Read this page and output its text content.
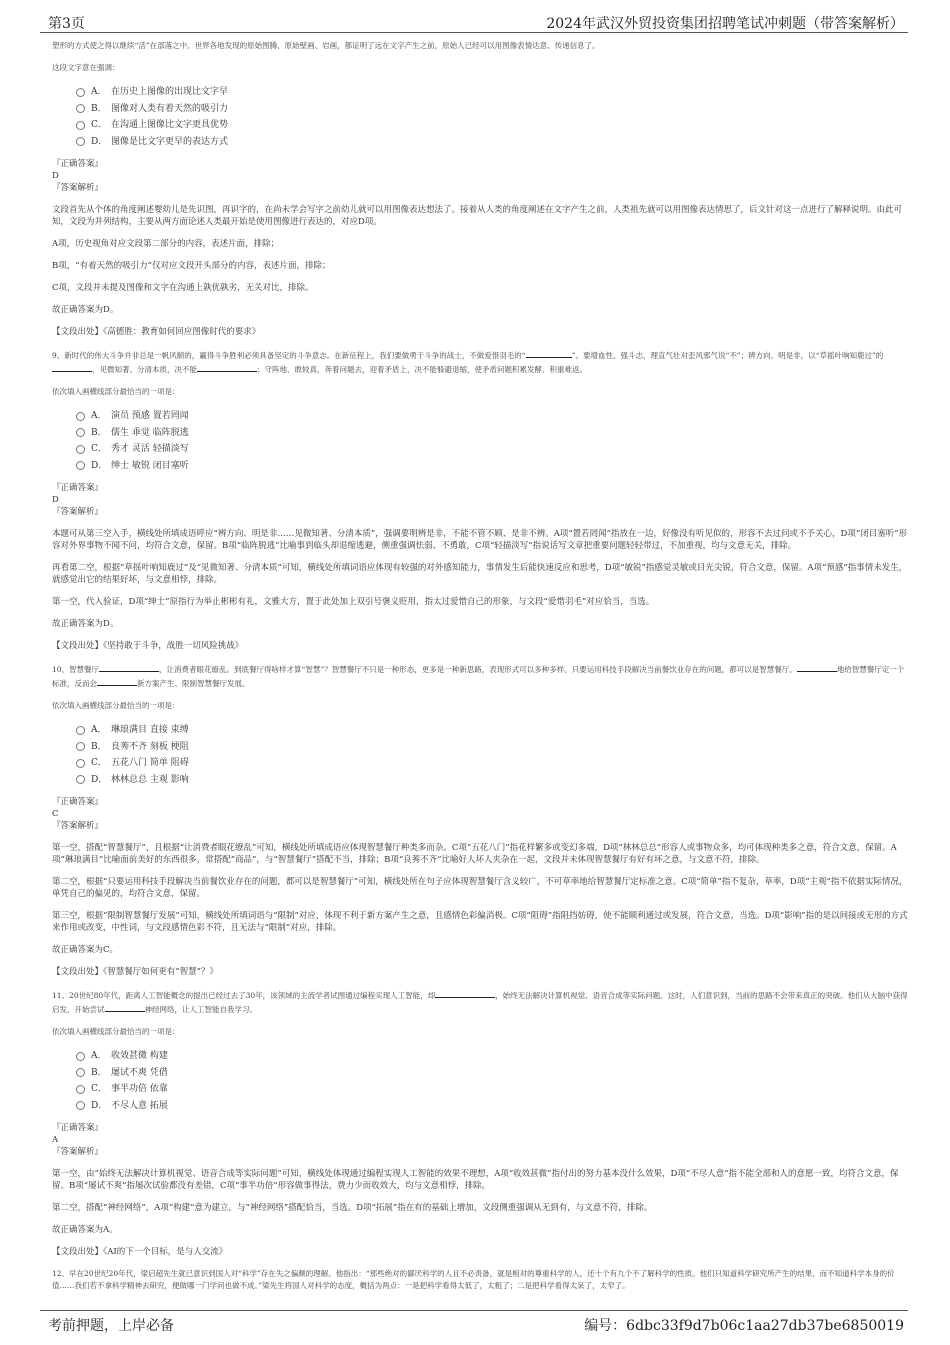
第3页	2024年武汉外贸投资集团招聘笔试冲刺题（带答案解析）

塑形的方式使之得以继续“活”在部落之中。世界各地发现的原始图腾、原始壁画、岩画，都证明了远在文字产生之前，原始人已经可以用图像表情达意、传递信息了。

这段文字意在强调：

A． 在历史上图像的出现比文字早
B． 图像对人类有着天然的吸引力
C． 在沟通上图像比文字更具优势
D． 图像是比文字更早的表达方式

『正确答案』

D

『答案解析』

文段首先从个体的角度阐述婴幼儿是先识图，再识字的，在尚未学会写字之前幼儿就可以用图像表达想法了。接着从人类的角度阐述在文字产生之前，人类祖先就可以用图像表达情思了，后文针对这一点进行了解释说明。由此可知，文段为并列结构，主要从两方面论述人类最开始是使用图像进行表达的，对应D项。

A项，历史视角对应文段第二部分的内容，表述片面，排除；

B项，“有着天然的吸引力”仅对应文段开头部分的内容，表述片面，排除；

C项，文段并未提及图像和文字在沟通上孰优孰劣，无关对比，排除。

故正确答案为D。

【文段出处】《高德胜：教育如何回应图像时代的要求》

9、新时代的伟大斗争并非总是一帆风顺的，赢得斗争胜利必须具备坚定的斗争意志。在新征程上，我们要做勇于斗争的战士，不做爱惜羽毛的“	”。要增血性、强斗志，理直气壮对歪风邪气说“不”；辨方向、明是非，以“草摇叶响知鹿过”的，见微知著、分清本质，决不能	；守阵地、敢较真，奔着问题去，迎着矛盾上，决不能躲避退缩，使矛盾问题积累发酵、积重难返。

依次填入画横线部分最恰当的一项是：

A． 演员 预感 置若罔闻
B． 儒生 乖觉 临阵脱逃
C． 秀才 灵活 轻描淡写
D． 绅士 敏锐 闭目塞听

『正确答案』

D

『答案解析』

本题可从第三空入手，横线处所填成语呼应“辨方向、明是非……见微知著、分清本质”，强调要明辨是非，不能不管不顾、是非不辨。A项“置若罔闻”指放在一边，好像没有听见似的，形容不去过问或不予关心，D项“闭目塞听”形容对外界事物不闻不问，均符合文意，保留。B项“临阵脱逃”比喻事到临头却退缩逃避，侧重强调怯弱、不勇敢，C项“轻描淡写”指说话写文章把重要问题轻轻带过，不加重视，均与文意无关，排除。

再看第二空，根据“草摇叶响知鹿过”及“见微知著、分清本质”可知，横线处所填词语应体现有较强的对外感知能力，事情发生后能快速反应和思考，D项“敏锐”指感觉灵敏或目光尖锐，符合文意，保留。A项“预感”指事情未发生，就感觉出它的结果好坏，与文意相悖，排除。

第一空，代入验证，D项“绅士”原指行为举止彬彬有礼，文雅大方，置于此处加上双引号褒义贬用，指太过爱惜自己的形象，与文段“爱惜羽毛”对应恰当，当选。

故正确答案为D。

【文段出处】《坚持敢于斗争，战胜一切风险挑战》

10、智慧餐厅	，让消费者眼花缭乱。到底餐厅得啥样才算“智慧”？智慧餐厅不只是一种形态，更多是一种新思路，表现形式可以多种多样。只要运用科技手段解决当前餐饮业存在的问题，都可以是智慧餐厅。	地给智慧餐厅定一个标准，反而会	新方案产生、限制智慧餐厅发展。

依次填入画横线部分最恰当的一项是：

A． 琳琅满目 直接 束缚
B． 良莠不齐 刻板 梗阻
C． 五花八门 简单 阻碍
D． 林林总总 主观 影响

『正确答案』

C

『答案解析』

第一空，搭配“智慧餐厅”，且根据“让消费者眼花缭乱”可知，横线处所填成语应体现智慧餐厅种类多而杂。C项“五花八门”指花样繁多或变幻多端，D项“林林总总”形容人或事物众多，均可体现种类多之意，符合文意，保留。A项“琳琅满目”比喻面前美好的东西很多，常搭配“商品”，与“智慧餐厅”搭配不当，排除；B项“良莠不齐”比喻好人坏人夹杂在一起，文段并未体现智慧餐厅有好有坏之意，与文意不符，排除。

第二空，根据“只要运用科技手段解决当前餐饮业存在的问题，都可以是智慧餐厅”可知，横线处所在句子应体现智慧餐厅含义较广，不可草率地给智慧餐厅定标准之意。C项“简单”指不复杂，草率，D项“主观”指不依据实际情况，单凭自己的偏见的，均符合文意，保留。

第三空，根据“限制智慧餐厅发展”可知，横线处所填词语与“限制”对应，体现不利于新方案产生之意，且感情色彩偏消极。C项“阻碍”指阻挡妨碍，使不能顺利通过或发展，符合文意，当选。D项“影响”指的是以间接或无形的方式来作用或改变，中性词，与文段感情色彩不符，且无法与“限制”对应，排除。

故正确答案为C。

【文段出处】《智慧餐厅如何更有“智慧”？》

11、20世纪80年代，距离人工智能概念的提出已经过去了30年，该领域的主流学者试图通过编程实现人工智能，却	，始终无法解决计算机视觉、语音合成等实际问题。这时，人们意识到，当前的思路不会带来真正的突破。他们从大脑中获得启发，开始尝试	神经网络，让人工智能自我学习。

依次填入画横线部分最恰当的一项是：

A． 收效甚微 构建
B． 屡试不爽 凭借
C． 事半功倍 依靠
D． 不尽人意 拓展

『正确答案』

A

『答案解析』

第一空，由“始终无法解决计算机视觉、语音合成等实际问题”可知，横线处体现通过编程实现人工智能的效果不理想，A项“收效甚微”指付出的努力基本没什么效果，D项“不尽人意”指不能全部和人的意愿一致，均符合文意，保留。B项“屡试不爽”指屡次试验都没有差错，C项“事半功倍”形容做事得法，费力少而收效大，均与文意相悖，排除。

第二空，搭配“神经网络”，A项“构建”意为建立，与“神经网络”搭配恰当，当选。D项“拓展”指在有的基础上增加，文段侧重强调从无到有，与文意不符，排除。

故正确答案为A。

【文段出处】《AI的下一个目标，是与人交流》

12、早在20世纪20年代，梁启超先生就已意识到国人对“科学”存在失之偏颇的理解。他指出：“那些绝对的鄙厌科学的人且不必责备，就是相对的尊重科学的人，还十个有九个不了解科学的性质。他们只知道科学研究所产生的结果，而不知道科学本身的价值……我们若不拿科学精神去研究，便做哪一门学问也做不成。”梁先生将国人对科学的态度，概括为两点：一是把科学看得太低了，太粗了；二是把科学看得太呆了，太窄了。

考前押题，上岸必备	编号：6dbc33f9d7b06c1aa27db37be6850019
